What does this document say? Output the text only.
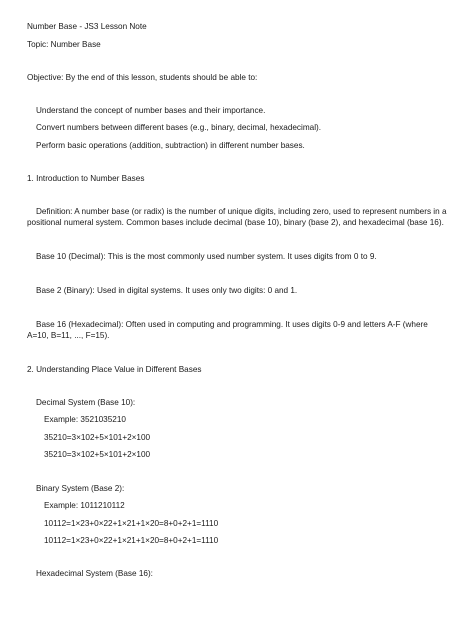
Number Base - JS3 Lesson Note

Topic: Number Base

Objective: By the end of this lesson, students should be able to:

Understand the concept of number bases and their importance.

Convert numbers between different bases (e.g., binary, decimal, hexadecimal).

Perform basic operations (addition, subtraction) in different number bases.

1. Introduction to Number Bases

Definition: A number base (or radix) is the number of unique digits, including zero, used to represent numbers in a positional numeral system. Common bases include decimal (base 10), binary (base 2), and hexadecimal (base 16).

Base 10 (Decimal): This is the most commonly used number system. It uses digits from 0 to 9.

Base 2 (Binary): Used in digital systems. It uses only two digits: 0 and 1.

Base 16 (Hexadecimal): Often used in computing and programming. It uses digits 0-9 and letters A-F (where A=10, B=11, ..., F=15).

2. Understanding Place Value in Different Bases

Decimal System (Base 10):

Example: 3521035210

35210=3×102+5×101+2×100

35210=3×102+5×101+2×100

Binary System (Base 2):

Example: 1011210112

10112=1×23+0×22+1×21+1×20=8+0+2+1=1110

10112=1×23+0×22+1×21+1×20=8+0+2+1=1110

Hexadecimal System (Base 16):
